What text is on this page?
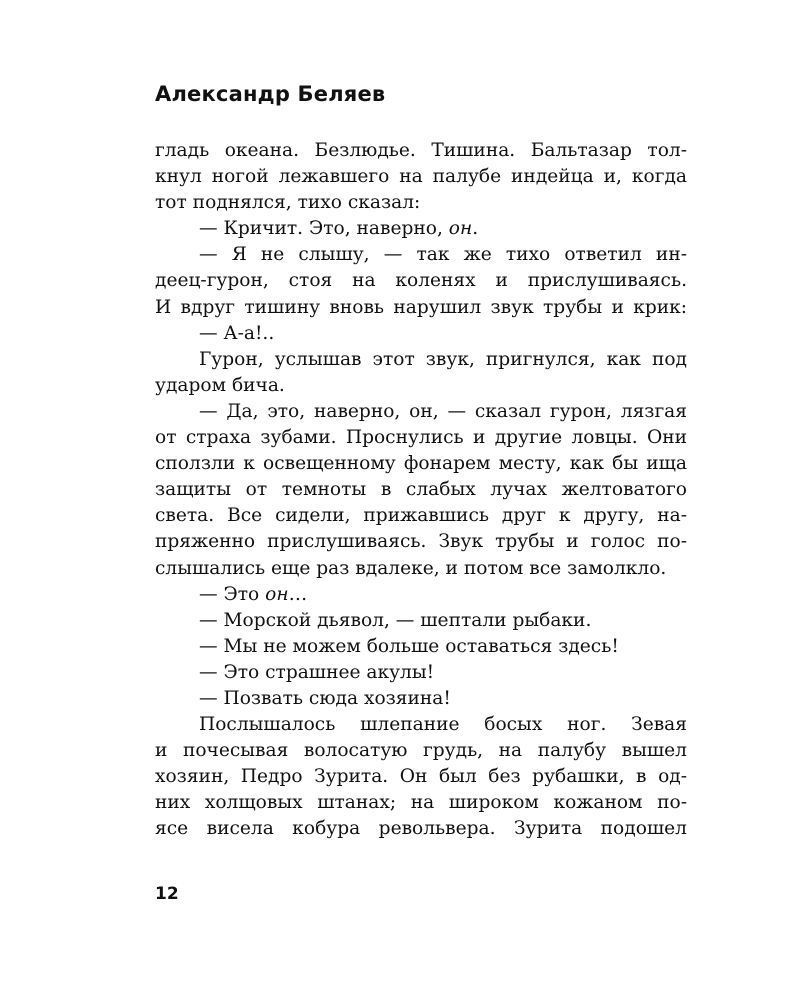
Александр Беляев
гладь океана. Безлюдье. Тишина. Бальтазар тол-
кнул ногой лежавшего на палубе индейца и, когда
тот поднялся, тихо сказал:
— Кричит. Это, наверно, он.
— Я не слышу, — так же тихо ответил ин-
деец-гурон, стоя на коленях и прислушиваясь.
И вдруг тишину вновь нарушил звук трубы и крик:
— А-а!..
Гурон, услышав этот звук, пригнулся, как под
ударом бича.
— Да, это, наверно, он, — сказал гурон, лязгая
от страха зубами. Проснулись и другие ловцы. Они
сползли к освещенному фонарем месту, как бы ища
защиты от темноты в слабых лучах желтоватого
света. Все сидели, прижавшись друг к другу, на-
пряженно прислушиваясь. Звук трубы и голос по-
слышались еще раз вдалеке, и потом все замолкло.
— Это он…
— Морской дьявол, — шептали рыбаки.
— Мы не можем больше оставаться здесь!
— Это страшнее акулы!
— Позвать сюда хозяина!
Послышалось шлепание босых ног. Зевая
и почесывая волосатую грудь, на палубу вышел
хозяин, Педро Зурита. Он был без рубашки, в од-
них холщовых штанах; на широком кожаном по-
ясе висела кобура револьвера. Зурита подошел
12
